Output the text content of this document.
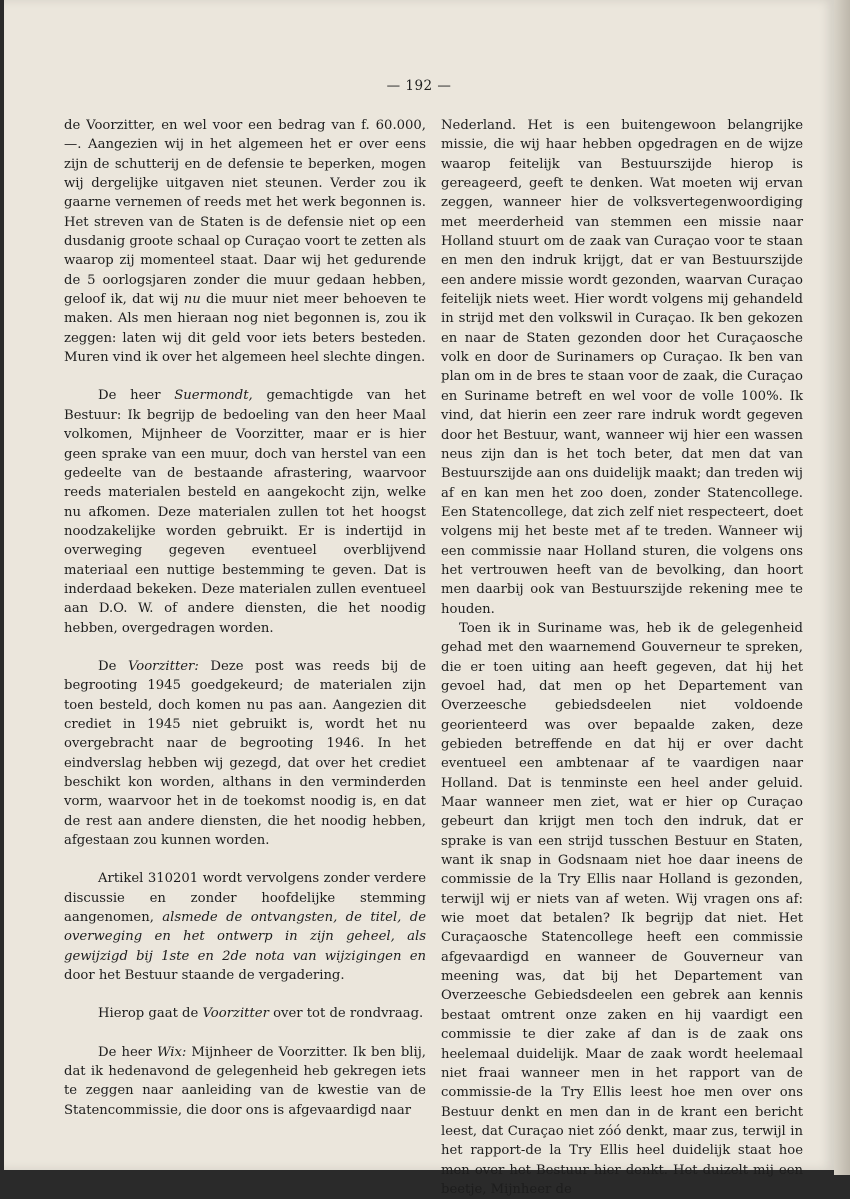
— 192 —

de Voorzitter, en wel voor een bedrag van f. 60.000,—. Aangezien wij in het algemeen het er over eens zijn de schutterij en de defensie te beperken, mogen wij dergelijke uitgaven niet steunen. Verder zou ik gaarne vernemen of reeds met het werk begonnen is. Het streven van de Staten is de defensie niet op een dusdanig groote schaal op Curaçao voort te zetten als waarop zij momenteel staat. Daar wij het gedurende de 5 oorlogsjaren zonder die muur gedaan hebben, geloof ik, dat wij nu die muur niet meer behoeven te maken. Als men hieraan nog niet begonnen is, zou ik zeggen: laten wij dit geld voor iets beters besteden. Muren vind ik over het algemeen heel slechte dingen.

De heer Suermondt, gemachtigde van het Bestuur: Ik begrijp de bedoeling van den heer Maal volkomen, Mijnheer de Voorzitter, maar er is hier geen sprake van een muur, doch van herstel van een gedeelte van de bestaande afrastering, waarvoor reeds materialen besteld en aangekocht zijn, welke nu afkomen. Deze materialen zullen tot het hoogst noodzakelijke worden gebruikt. Er is indertijd in overweging gegeven eventueel overblijvend materiaal een nuttige bestemming te geven. Dat is inderdaad bekeken. Deze materialen zullen eventueel aan D.O. W. of andere diensten, die het noodig hebben, overgedragen worden.

De Voorzitter: Deze post was reeds bij de begrooting 1945 goedgekeurd; de materialen zijn toen besteld, doch komen nu pas aan. Aangezien dit crediet in 1945 niet gebruikt is, wordt het nu overgebracht naar de begrooting 1946. In het eindverslag hebben wij gezegd, dat over het crediet beschikt kon worden, althans in den verminderden vorm, waarvoor het in de toekomst noodig is, en dat de rest aan andere diensten, die het noodig hebben, afgestaan zou kunnen worden.

Artikel 310201 wordt vervolgens zonder verdere discussie en zonder hoofdelijke stemming aangenomen, alsmede de ontvangsten, de titel, de overweging en het ontwerp in zijn geheel, als gewijzigd bij 1ste en 2de nota van wijzigingen en door het Bestuur staande de vergadering.

Hierop gaat de Voorzitter over tot de rondvraag.

De heer Wix: Mijnheer de Voorzitter. Ik ben blij, dat ik hedenavond de gelegenheid heb gekregen iets te zeggen naar aanleiding van de kwestie van de Statencommissie, die door ons is afgevaardigd naar

Nederland. Het is een buitengewoon belangrijke missie, die wij haar hebben opgedragen en de wijze waarop feitelijk van Bestuurszijde hierop is gereageerd, geeft te denken. Wat moeten wij ervan zeggen, wanneer hier de volksvertegenwoordiging met meerderheid van stemmen een missie naar Holland stuurt om de zaak van Curaçao voor te staan en men den indruk krijgt, dat er van Bestuurszijde een andere missie wordt gezonden, waarvan Curaçao feitelijk niets weet. Hier wordt volgens mij gehandeld in strijd met den volkswil in Curaçao. Ik ben gekozen en naar de Staten gezonden door het Curaçaosche volk en door de Surinamers op Curaçao. Ik ben van plan om in de bres te staan voor de zaak, die Curaçao en Suriname betreft en wel voor de volle 100%. Ik vind, dat hierin een zeer rare indruk wordt gegeven door het Bestuur, want, wanneer wij hier een wassen neus zijn dan is het toch beter, dat men dat van Bestuurszijde aan ons duidelijk maakt; dan treden wij af en kan men het zoo doen, zonder Statencollege. Een Statencollege, dat zich zelf niet respecteert, doet volgens mij het beste met af te treden. Wanneer wij een commissie naar Holland sturen, die volgens ons het vertrouwen heeft van de bevolking, dan hoort men daarbij ook van Bestuurszijde rekening mee te houden.

Toen ik in Suriname was, heb ik de gelegenheid gehad met den waarnemend Gouverneur te spreken, die er toen uiting aan heeft gegeven, dat hij het gevoel had, dat men op het Departement van Overzeesche gebiedsdeelen niet voldoende georienteerd was over bepaalde zaken, deze gebieden betreffende en dat hij er over dacht eventueel een ambtenaar af te vaardigen naar Holland. Dat is tenminste een heel ander geluid. Maar wanneer men ziet, wat er hier op Curaçao gebeurt dan krijgt men toch den indruk, dat er sprake is van een strijd tusschen Bestuur en Staten, want ik snap in Godsnaam niet hoe daar ineens de commissie de la Try Ellis naar Holland is gezonden, terwijl wij er niets van af weten. Wij vragen ons af: wie moet dat betalen? Ik begrijp dat niet. Het Curaçaosche Statencollege heeft een commissie afgevaardigd en wanneer de Gouverneur van meening was, dat bij het Departement van Overzeesche Gebiedsdeelen een gebrek aan kennis bestaat omtrent onze zaken en hij vaardigt een commissie te dier zake af dan is de zaak ons heelemaal duidelijk. Maar de zaak wordt heelemaal niet fraai wanneer men in het rapport van de commissie-de la Try Ellis leest hoe men over ons Bestuur denkt en men dan in de krant een bericht leest, dat Curaçao niet zóó denkt, maar zus, terwijl in het rapport-de la Try Ellis heel duidelijk staat hoe men over het Bestuur hier denkt. Het duizelt mij een beetje, Mijnheer de
